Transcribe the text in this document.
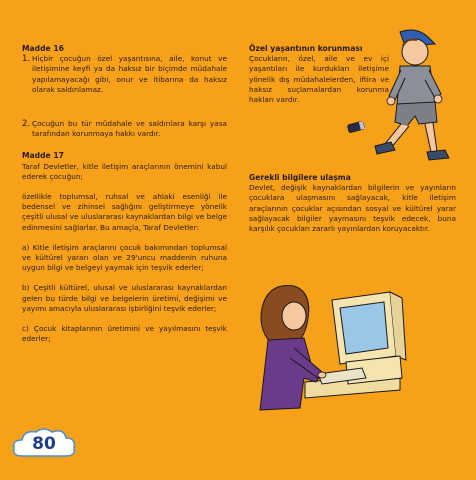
Madde 16

1. Hiçbir çocuğun özel yaşantısına, aile, konut ve iletişimine keyfi ya da haksız bir biçimde müdahale yapılamayacağı gibi, onur ve itibarına da haksız olarak saldırılamaz.
2. Çocuğun bu tür müdahale ve saldırılara karşı yasa tarafından korunmaya hakkı vardır.

Madde 17

Taraf Devletler, kitle iletişim araçlarının önemini kabul ederek çocuğun;

özellikle toplumsal, ruhsal ve ahlaki esenliği ile bedensel ve zihinsel sağlığını geliştirmeye yönelik çeşitli ulusal ve uluslararası kaynaklardan bilgi ve belge edinmesini sağlarlar. Bu amaçla, Taraf Devletler:

a) Kitle iletişim araçlarını çocuk bakımından toplumsal ve kültürel yararı olan ve 29'uncu maddenin ruhuna uygun bilgi ve belgeyi yaymak için teşvik ederler;

b) Çeşitli kültürel, ulusal ve uluslararası kaynaklardan gelen bu türde bilgi ve belgelerin üretimi, değişimi ve yayımı amacıyla uluslararası işbirliğini teşvik ederler;

c) Çocuk kitaplarının üretimini ve yayılmasını teşvik ederler;

Özel yaşantının korunması

Çocukların, özel, aile ve ev içi yaşantıları ile kurdukları iletişime yönelik dış müdahalelerden, iftira ve haksız suçlamalardan korunma hakları vardır.

Gerekli bilgilere ulaşma

Devlet, değişik kaynaklardan bilgilerin ve yayınların çocuklara ulaşmasını sağlayacak, kitle iletişim araçlarının çocuklar açısından sosyal ve kültürel yarar sağlayacak bilgiler yaymasını teşvik edecek, buna karşılık çocukları zararlı yayınlardan koruyacaktır.

80
